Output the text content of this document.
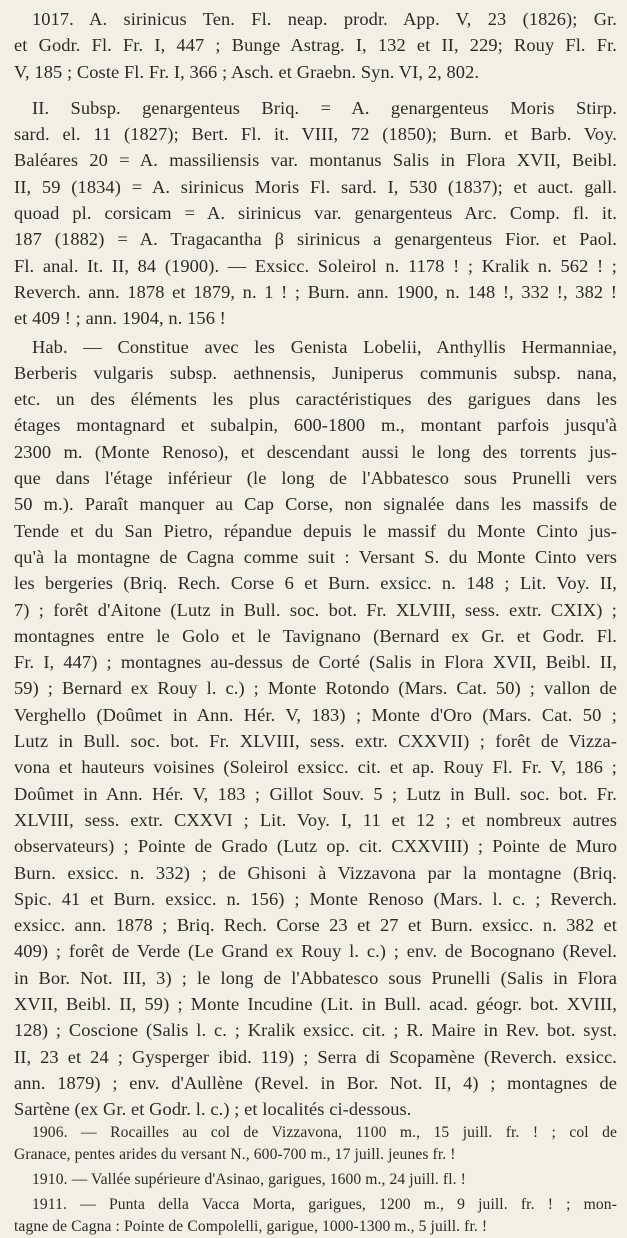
1017. A. sirinicus Ten. Fl. neap. prodr. App. V, 23 (1826); Gr.
et Godr. Fl. Fr. I, 447 ; Bunge Astrag. I, 132 et II, 229; Rouy Fl. Fr.
V, 185 ; Coste Fl. Fr. I, 366 ; Asch. et Graebn. Syn. VI, 2, 802.
II. Subsp. genargenteus Briq. = A. genargenteus Moris Stirp.
sard. el. 11 (1827); Bert. Fl. it. VIII, 72 (1850); Burn. et Barb. Voy.
Baléares 20 = A. massiliensis var. montanus Salis in Flora XVII, Beibl.
II, 59 (1834) = A. sirinicus Moris Fl. sard. I, 530 (1837); et auct. gall.
quoad pl. corsicam = A. sirinicus var. genargenteus Arc. Comp. fl. it.
187 (1882) = A. Tragacantha β sirinicus a genargenteus Fior. et Paol.
Fl. anal. It. II, 84 (1900). — Exsicc. Soleirol n. 1178 ! ; Kralik n. 562 ! ;
Reverch. ann. 1878 et 1879, n. 1 ! ; Burn. ann. 1900, n. 148 !, 332 !, 382 !
et 409 ! ; ann. 1904, n. 156 !
Hab. — Constitue avec les Genista Lobelii, Anthyllis Hermanniae,
Berberis vulgaris subsp. aethnensis, Juniperus communis subsp. nana,
etc. un des éléments les plus caractéristiques des garigues dans les
étages montagnard et subalpin, 600-1800 m., montant parfois jusqu'à
2300 m. (Monte Renoso), et descendant aussi le long des torrents jus-
que dans l'étage inférieur (le long de l'Abbatesco sous Prunelli vers
50 m.). Paraît manquer au Cap Corse, non signalée dans les massifs de
Tende et du San Pietro, répandue depuis le massif du Monte Cinto jus-
qu'à la montagne de Cagna comme suit : Versant S. du Monte Cinto vers
les bergeries (Briq. Rech. Corse 6 et Burn. exsicc. n. 148 ; Lit. Voy. II,
7) ; forêt d'Aitone (Lutz in Bull. soc. bot. Fr. XLVIII, sess. extr. CXIX) ;
montagnes entre le Golo et le Tavignano (Bernard ex Gr. et Godr. Fl.
Fr. I, 447) ; montagnes au-dessus de Corté (Salis in Flora XVII, Beibl. II,
59) ; Bernard ex Rouy l. c.) ; Monte Rotondo (Mars. Cat. 50) ; vallon de
Verghello (Doûmet in Ann. Hér. V, 183) ; Monte d'Oro (Mars. Cat. 50 ;
Lutz in Bull. soc. bot. Fr. XLVIII, sess. extr. CXXVII) ; forêt de Vizza-
vona et hauteurs voisines (Soleirol exsicc. cit. et ap. Rouy Fl. Fr. V, 186 ;
Doûmet in Ann. Hér. V, 183 ; Gillot Souv. 5 ; Lutz in Bull. soc. bot. Fr.
XLVIII, sess. extr. CXXVI ; Lit. Voy. I, 11 et 12 ; et nombreux autres
observateurs) ; Pointe de Grado (Lutz op. cit. CXXVIII) ; Pointe de Muro
Burn. exsicc. n. 332) ; de Ghisoni à Vizzavona par la montagne (Briq.
Spic. 41 et Burn. exsicc. n. 156) ; Monte Renoso (Mars. l. c. ; Reverch.
exsicc. ann. 1878 ; Briq. Rech. Corse 23 et 27 et Burn. exsicc. n. 382 et
409) ; forêt de Verde (Le Grand ex Rouy l. c.) ; env. de Bocognano (Revel.
in Bor. Not. III, 3) ; le long de l'Abbatesco sous Prunelli (Salis in Flora
XVII, Beibl. II, 59) ; Monte Incudine (Lit. in Bull. acad. géogr. bot. XVIII,
128) ; Coscione (Salis l. c. ; Kralik exsicc. cit. ; R. Maire in Rev. bot. syst.
II, 23 et 24 ; Gysperger ibid. 119) ; Serra di Scopamène (Reverch. exsicc.
ann. 1879) ; env. d'Aullène (Revel. in Bor. Not. II, 4) ; montagnes de
Sartène (ex Gr. et Godr. l. c.) ; et localités ci-dessous.
1906. — Rocailles au col de Vizzavona, 1100 m., 15 juill. fr. ! ; col de
Granace, pentes arides du versant N., 600-700 m., 17 juill. jeunes fr. !
1910. — Vallée supérieure d'Asinao, garigues, 1600 m., 24 juill. fl. !
1911. — Punta della Vacca Morta, garigues, 1200 m., 9 juill. fr. ! ; mon-
tagne de Cagna : Pointe de Compolelli, garigue, 1000-1300 m., 5 juill. fr. !
